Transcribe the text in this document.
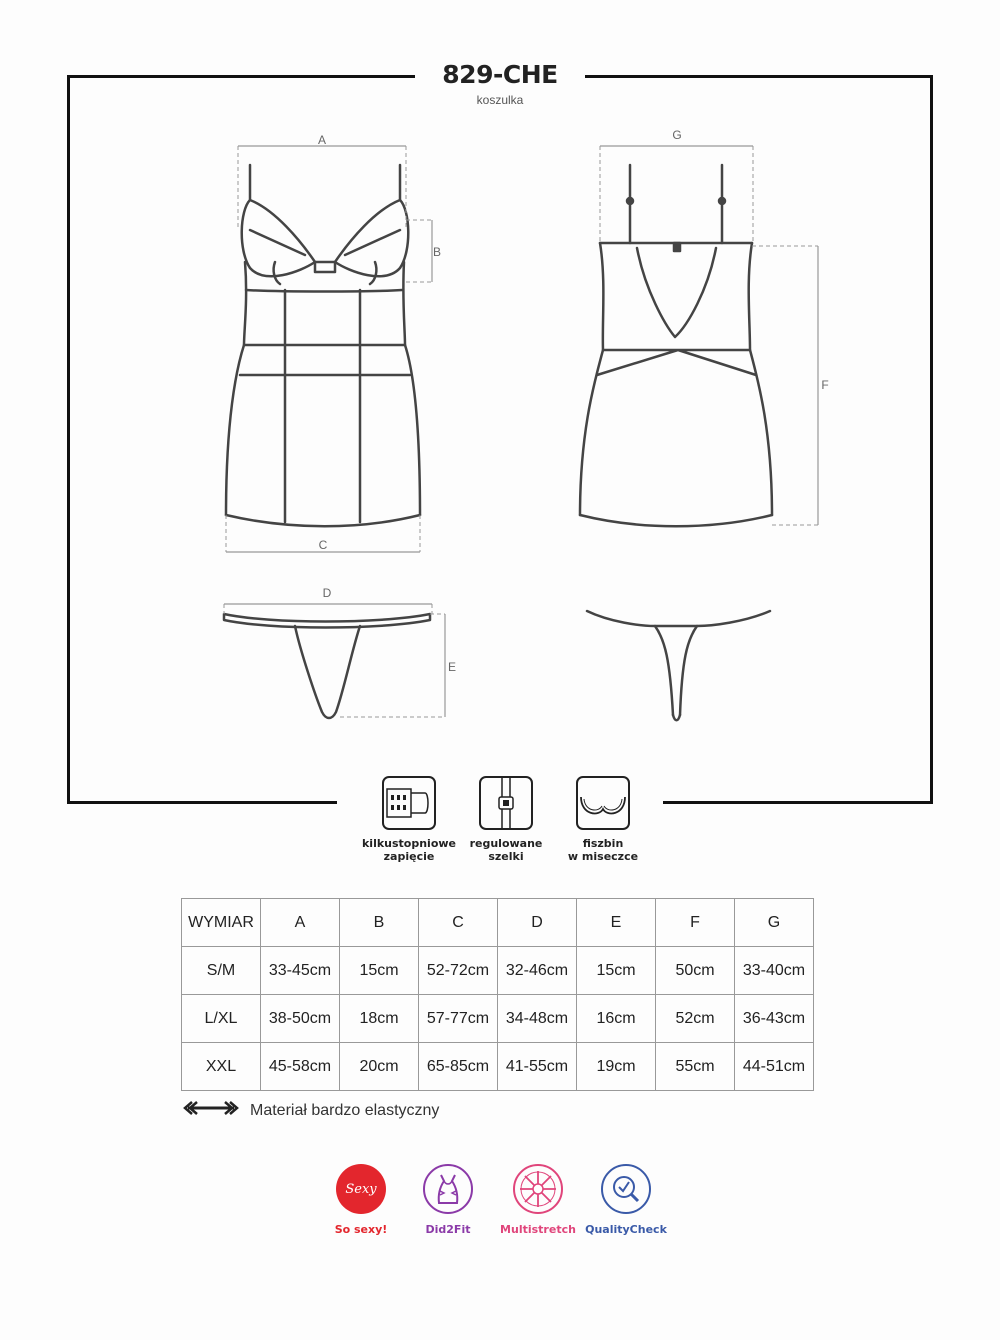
829-CHE
koszulka
A
B
C
D
E
G
F
kilkustopniowe
zapięcie
regulowane
szelki
fiszbin
w miseczce
WYMIAR	A	B	C	D	E	F	G
S/M	33-45cm	15cm	52-72cm	32-46cm	15cm	50cm	33-40cm
L/XL	38-50cm	18cm	57-77cm	34-48cm	16cm	52cm	36-43cm
XXL	45-58cm	20cm	65-85cm	41-55cm	19cm	55cm	44-51cm
Materiał bardzo elastyczny
Sexy
So sexy!	Did2Fit	Multistretch QualityCheck
